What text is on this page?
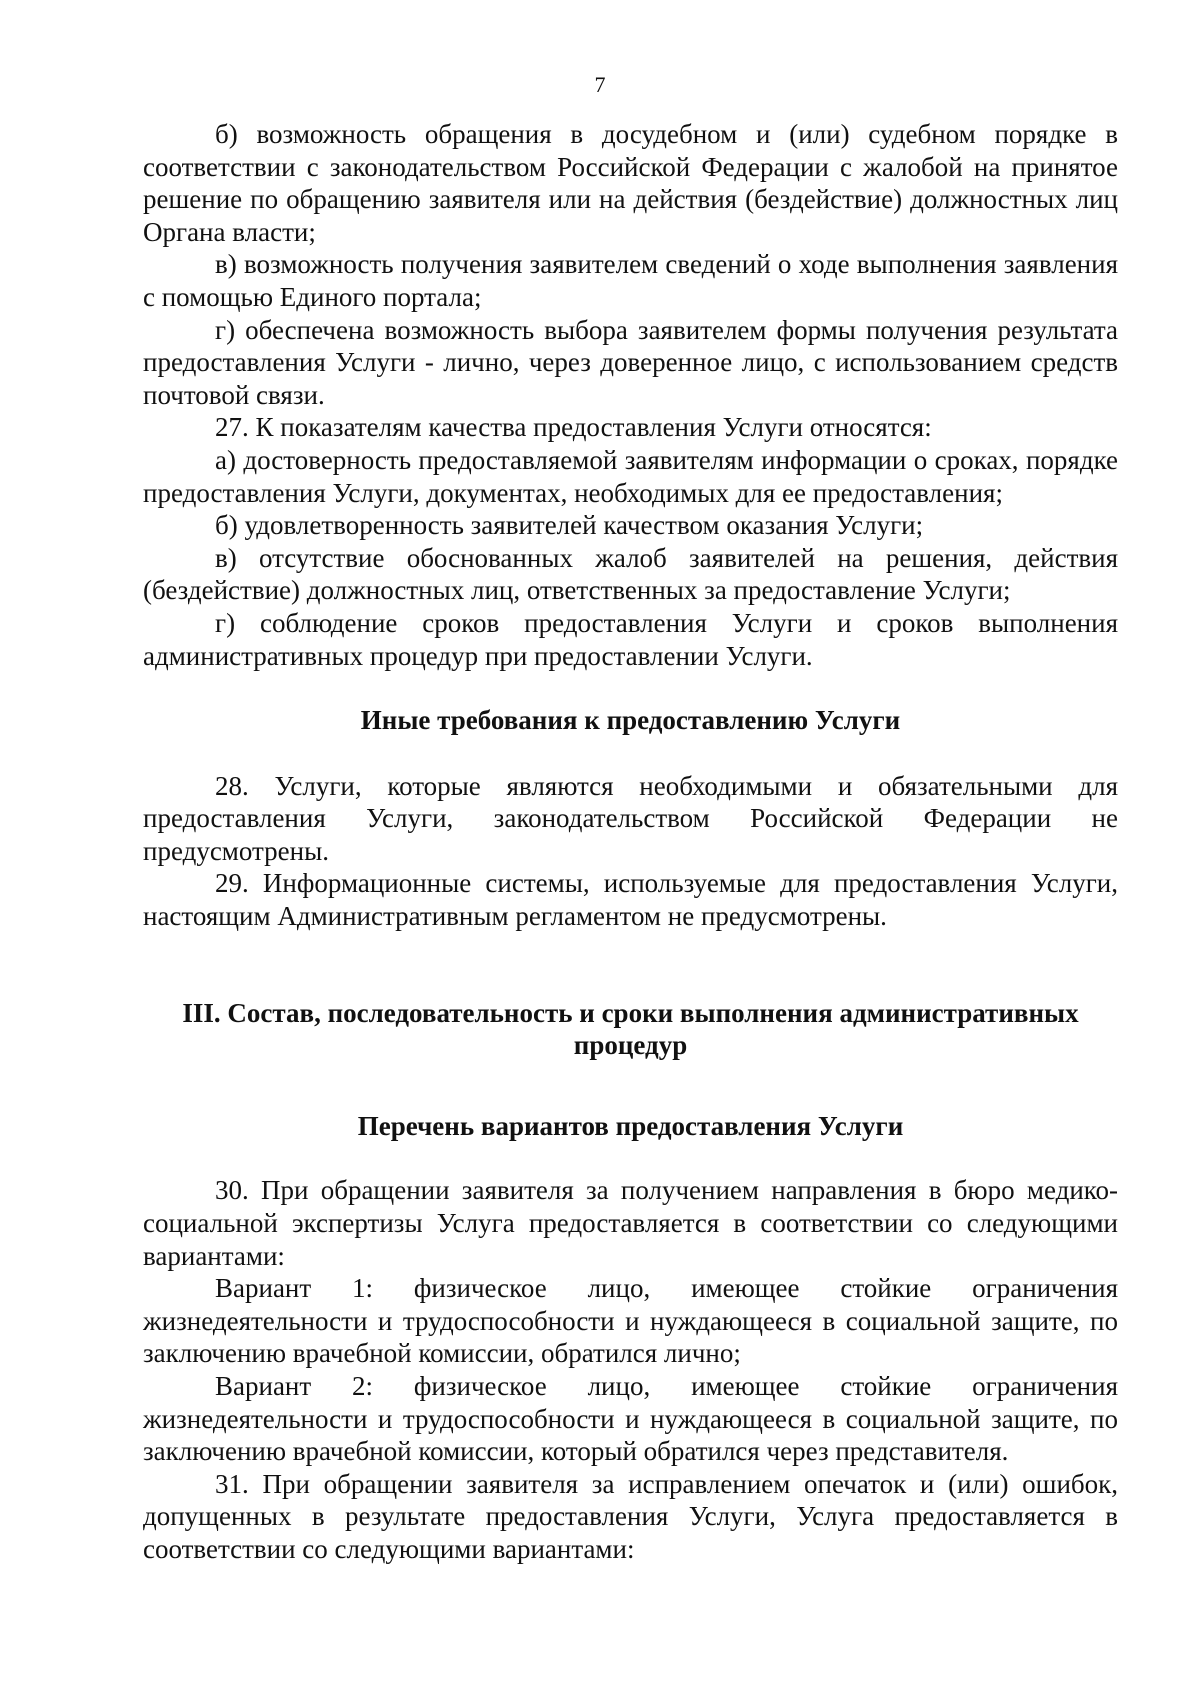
7

б) возможность обращения в досудебном и (или) судебном порядке в соответствии с законодательством Российской Федерации с жалобой на принятое решение по обращению заявителя или на действия (бездействие) должностных лиц Органа власти;

в) возможность получения заявителем сведений о ходе выполнения заявления с помощью Единого портала;

г) обеспечена возможность выбора заявителем формы получения результата предоставления Услуги - лично, через доверенное лицо, с использованием средств почтовой связи.

27. К показателям качества предоставления Услуги относятся:

а) достоверность предоставляемой заявителям информации о сроках, порядке предоставления Услуги, документах, необходимых для ее предоставления;

б) удовлетворенность заявителей качеством оказания Услуги;

в) отсутствие обоснованных жалоб заявителей на решения, действия (бездействие) должностных лиц, ответственных за предоставление Услуги;

г) соблюдение сроков предоставления Услуги и сроков выполнения административных процедур при предоставлении Услуги.

Иные требования к предоставлению Услуги

28. Услуги, которые являются необходимыми и обязательными для предоставления Услуги, законодательством Российской Федерации не предусмотрены.

29. Информационные системы, используемые для предоставления Услуги, настоящим Административным регламентом не предусмотрены.

III. Состав, последовательность и сроки выполнения административных процедур
Перечень вариантов предоставления Услуги

30. При обращении заявителя за получением направления в бюро медико-социальной экспертизы Услуга предоставляется в соответствии со следующими вариантами:

Вариант 1: физическое лицо, имеющее стойкие ограничения жизнедеятельности и трудоспособности и нуждающееся в социальной защите, по заключению врачебной комиссии, обратился лично;

Вариант 2: физическое лицо, имеющее стойкие ограничения жизнедеятельности и трудоспособности и нуждающееся в социальной защите, по заключению врачебной комиссии, который обратился через представителя.

31. При обращении заявителя за исправлением опечаток и (или) ошибок, допущенных в результате предоставления Услуги, Услуга предоставляется в соответствии со следующими вариантами:
